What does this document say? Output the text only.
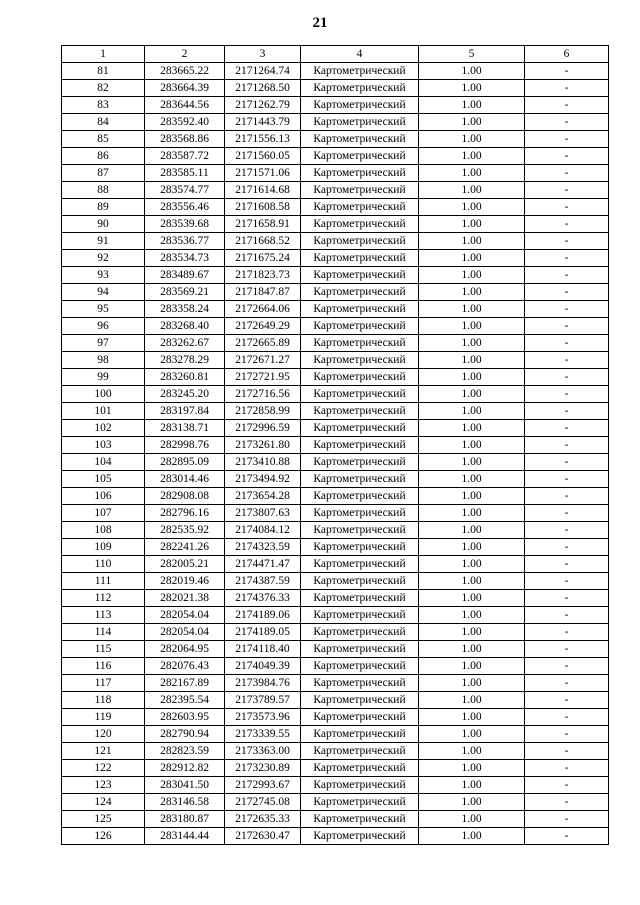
21
1	2	3	4	5	6
81	283665.22	2171264.74	Картометрический	1.00	-
82	283664.39	2171268.50	Картометрический	1.00	-
83	283644.56	2171262.79	Картометрический	1.00	-
84	283592.40	2171443.79	Картометрический	1.00	-
85	283568.86	2171556.13	Картометрический	1.00	-
86	283587.72	2171560.05	Картометрический	1.00	-
87	283585.11	2171571.06	Картометрический	1.00	-
88	283574.77	2171614.68	Картометрический	1.00	-
89	283556.46	2171608.58	Картометрический	1.00	-
90	283539.68	2171658.91	Картометрический	1.00	-
91	283536.77	2171668.52	Картометрический	1.00	-
92	283534.73	2171675.24	Картометрический	1.00	-
93	283489.67	2171823.73	Картометрический	1.00	-
94	283569.21	2171847.87	Картометрический	1.00	-
95	283358.24	2172664.06	Картометрический	1.00	-
96	283268.40	2172649.29	Картометрический	1.00	-
97	283262.67	2172665.89	Картометрический	1.00	-
98	283278.29	2172671.27	Картометрический	1.00	-
99	283260.81	2172721.95	Картометрический	1.00	-
100	283245.20	2172716.56	Картометрический	1.00	-
101	283197.84	2172858.99	Картометрический	1.00	-
102	283138.71	2172996.59	Картометрический	1.00	-
103	282998.76	2173261.80	Картометрический	1.00	-
104	282895.09	2173410.88	Картометрический	1.00	-
105	283014.46	2173494.92	Картометрический	1.00	-
106	282908.08	2173654.28	Картометрический	1.00	-
107	282796.16	2173807.63	Картометрический	1.00	-
108	282535.92	2174084.12	Картометрический	1.00	-
109	282241.26	2174323.59	Картометрический	1.00	-
110	282005.21	2174471.47	Картометрический	1.00	-
111	282019.46	2174387.59	Картометрический	1.00	-
112	282021.38	2174376.33	Картометрический	1.00	-
113	282054.04	2174189.06	Картометрический	1.00	-
114	282054.04	2174189.05	Картометрический	1.00	-
115	282064.95	2174118.40	Картометрический	1.00	-
116	282076.43	2174049.39	Картометрический	1.00	-
117	282167.89	2173984.76	Картометрический	1.00	-
118	282395.54	2173789.57	Картометрический	1.00	-
119	282603.95	2173573.96	Картометрический	1.00	-
120	282790.94	2173339.55	Картометрический	1.00	-
121	282823.59	2173363.00	Картометрический	1.00	-
122	282912.82	2173230.89	Картометрический	1.00	-
123	283041.50	2172993.67	Картометрический	1.00	-
124	283146.58	2172745.08	Картометрический	1.00	-
125	283180.87	2172635.33	Картометрический	1.00	-
126	283144.44	2172630.47	Картометрический	1.00	-
